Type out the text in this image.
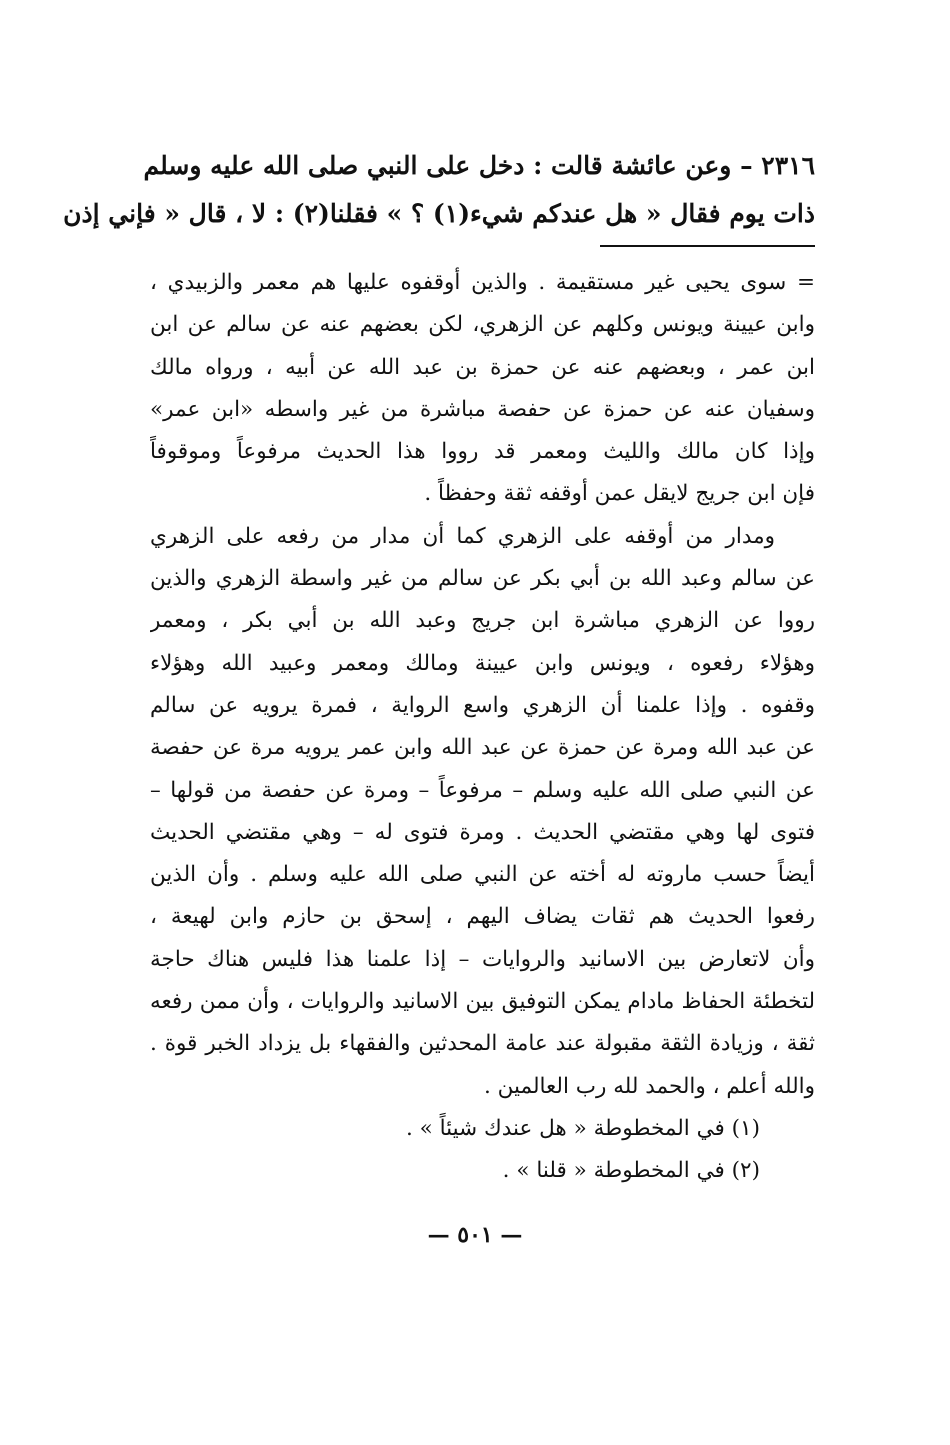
٢٣١٦ – وعن عائشة قالت : دخل على النبي صلى الله عليه وسلم
ذات يوم فقال « هل عندكم شيء(١) ؟ » فقلنا(٢) : لا ، قال « فإني إذن
= سوى يحيى غير مستقيمة . والذين أوقفوه عليها هم معمر والزبيدي ،
وابن عيينة ويونس وكلهم عن الزهري، لكن بعضهم عنه عن سالم عن ابن
ابن عمر ، وبعضهم عنه عن حمزة بن عبد الله عن أبيه ، ورواه مالك
وسفيان عنه عن حمزة عن حفصة مباشرة من غير واسطه «ابن عمر»
وإذا كان مالك والليث ومعمر قد رووا هذا الحديث مرفوعاً وموقوفاً
فإن ابن جريج لايقل عمن أوقفه ثقة وحفظاً .
ومدار من أوقفه على الزهري كما أن مدار من رفعه على الزهري
عن سالم وعبد الله بن أبي بكر عن سالم من غير واسطة الزهري والذين
رووا عن الزهري مباشرة ابن جريج وعبد الله بن أبي بكر ، ومعمر
وهؤلاء رفعوه ، ويونس وابن عيينة ومالك ومعمر وعبيد الله وهؤلاء
وقفوه . وإذا علمنا أن الزهري واسع الرواية ، فمرة يرويه عن سالم
عن عبد الله ومرة عن حمزة عن عبد الله وابن عمر يرويه مرة عن حفصة
عن النبي صلى الله عليه وسلم – مرفوعاً – ومرة عن حفصة من قولها –
فتوى لها وهي مقتضي الحديث . ومرة فتوى له – وهي مقتضي الحديث
أيضاً حسب ماروته له أخته عن النبي صلى الله عليه وسلم . وأن الذين
رفعوا الحديث هم ثقات يضاف اليهم ، إسحق بن حازم وابن لهيعة ،
وأن لاتعارض بين الاسانيد والروايات – إذا علمنا هذا فليس هناك حاجة
لتخطئة الحفاظ مادام يمكن التوفيق بين الاسانيد والروايات ، وأن ممن رفعه
ثقة ، وزيادة الثقة مقبولة عند عامة المحدثين والفقهاء بل يزداد الخبر قوة .
والله أعلم ، والحمد لله رب العالمين .
(١) في المخطوطة « هل عندك شيئاً » .
(٢) في المخطوطة « قلنا » .
— ٥٠١ —
